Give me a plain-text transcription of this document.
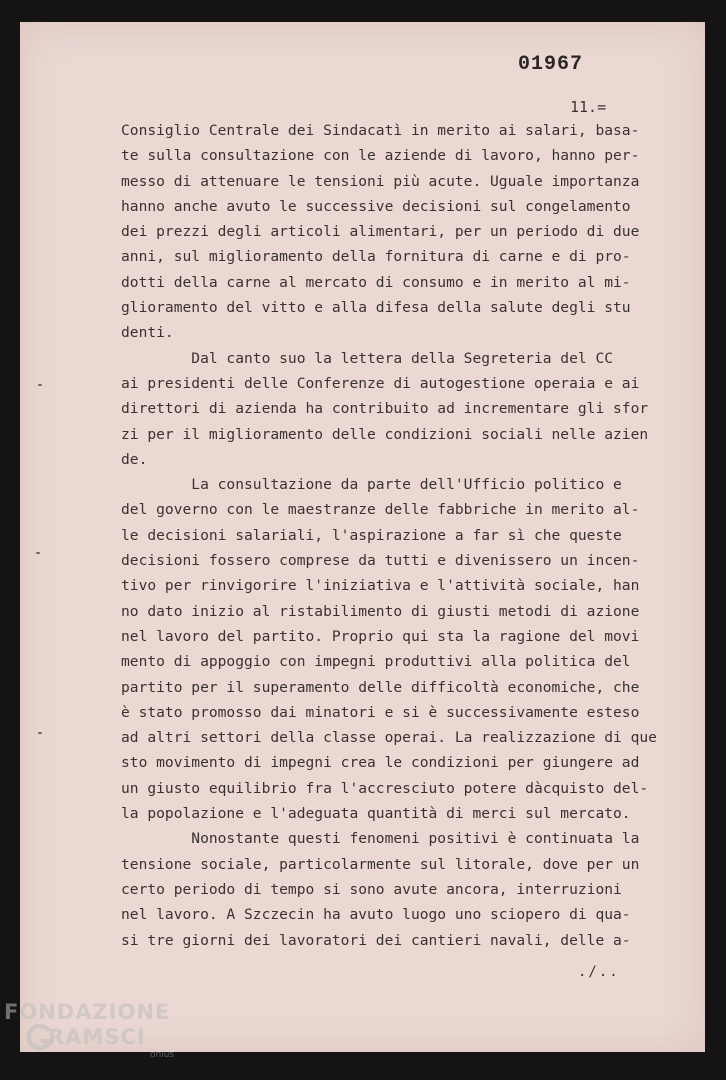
01967
11.=
Consiglio Centrale dei Sindacatì in merito ai salari, basa-
te sulla consultazione con le aziende di lavoro, hanno per-
messo di attenuare le tensioni più acute. Uguale importanza
hanno anche avuto le successive decisioni sul congelamento
dei prezzi degli articoli alimentari, per un periodo di due
anni, sul miglioramento della fornitura di carne e di pro-
dotti della carne al mercato di consumo e in merito al mi-
glioramento del vitto e alla difesa della salute degli stu
denti.
Dal canto suo la lettera della Segreteria del CC
ai presidenti delle Conferenze di autogestione operaia e ai
direttori di azienda ha contribuito ad incrementare gli sfor
zi per il miglioramento delle condizioni sociali nelle azien
de.
La consultazione da parte dell'Ufficio politico e
del governo con le maestranze delle fabbriche in merito al-
le decisioni salariali, l'aspirazione a far sì che queste
decisioni fossero comprese da tutti e divenissero un incen-
tivo per rinvigorire l'iniziativa e l'attività sociale, han
no dato inizio al ristabilimento di giusti metodi di azione
nel lavoro del partito. Proprio qui sta la ragione del movi
mento di appoggio con impegni produttivi alla politica del
partito per il superamento delle difficoltà economiche, che
è stato promosso dai minatori e si è successivamente esteso
ad altri settori della classe operai. La realizzazione di que
sto movimento di impegni crea le condizioni per giungere ad
un giusto equilibrio fra l'accresciuto potere dàcquisto del-
la popolazione e l'adeguata quantità di merci sul mercato.
Nonostante questi fenomeni positivi è continuata la
tensione sociale, particolarmente sul litorale, dove per un
certo periodo di tempo si sono avute ancora, interruzioni
nel lavoro. A Szczecin ha avuto luogo uno sciopero di qua-
si tre giorni dei lavoratori dei cantieri navali, delle a-
./..
FONDAZIONE
RAMSCI
onlus
